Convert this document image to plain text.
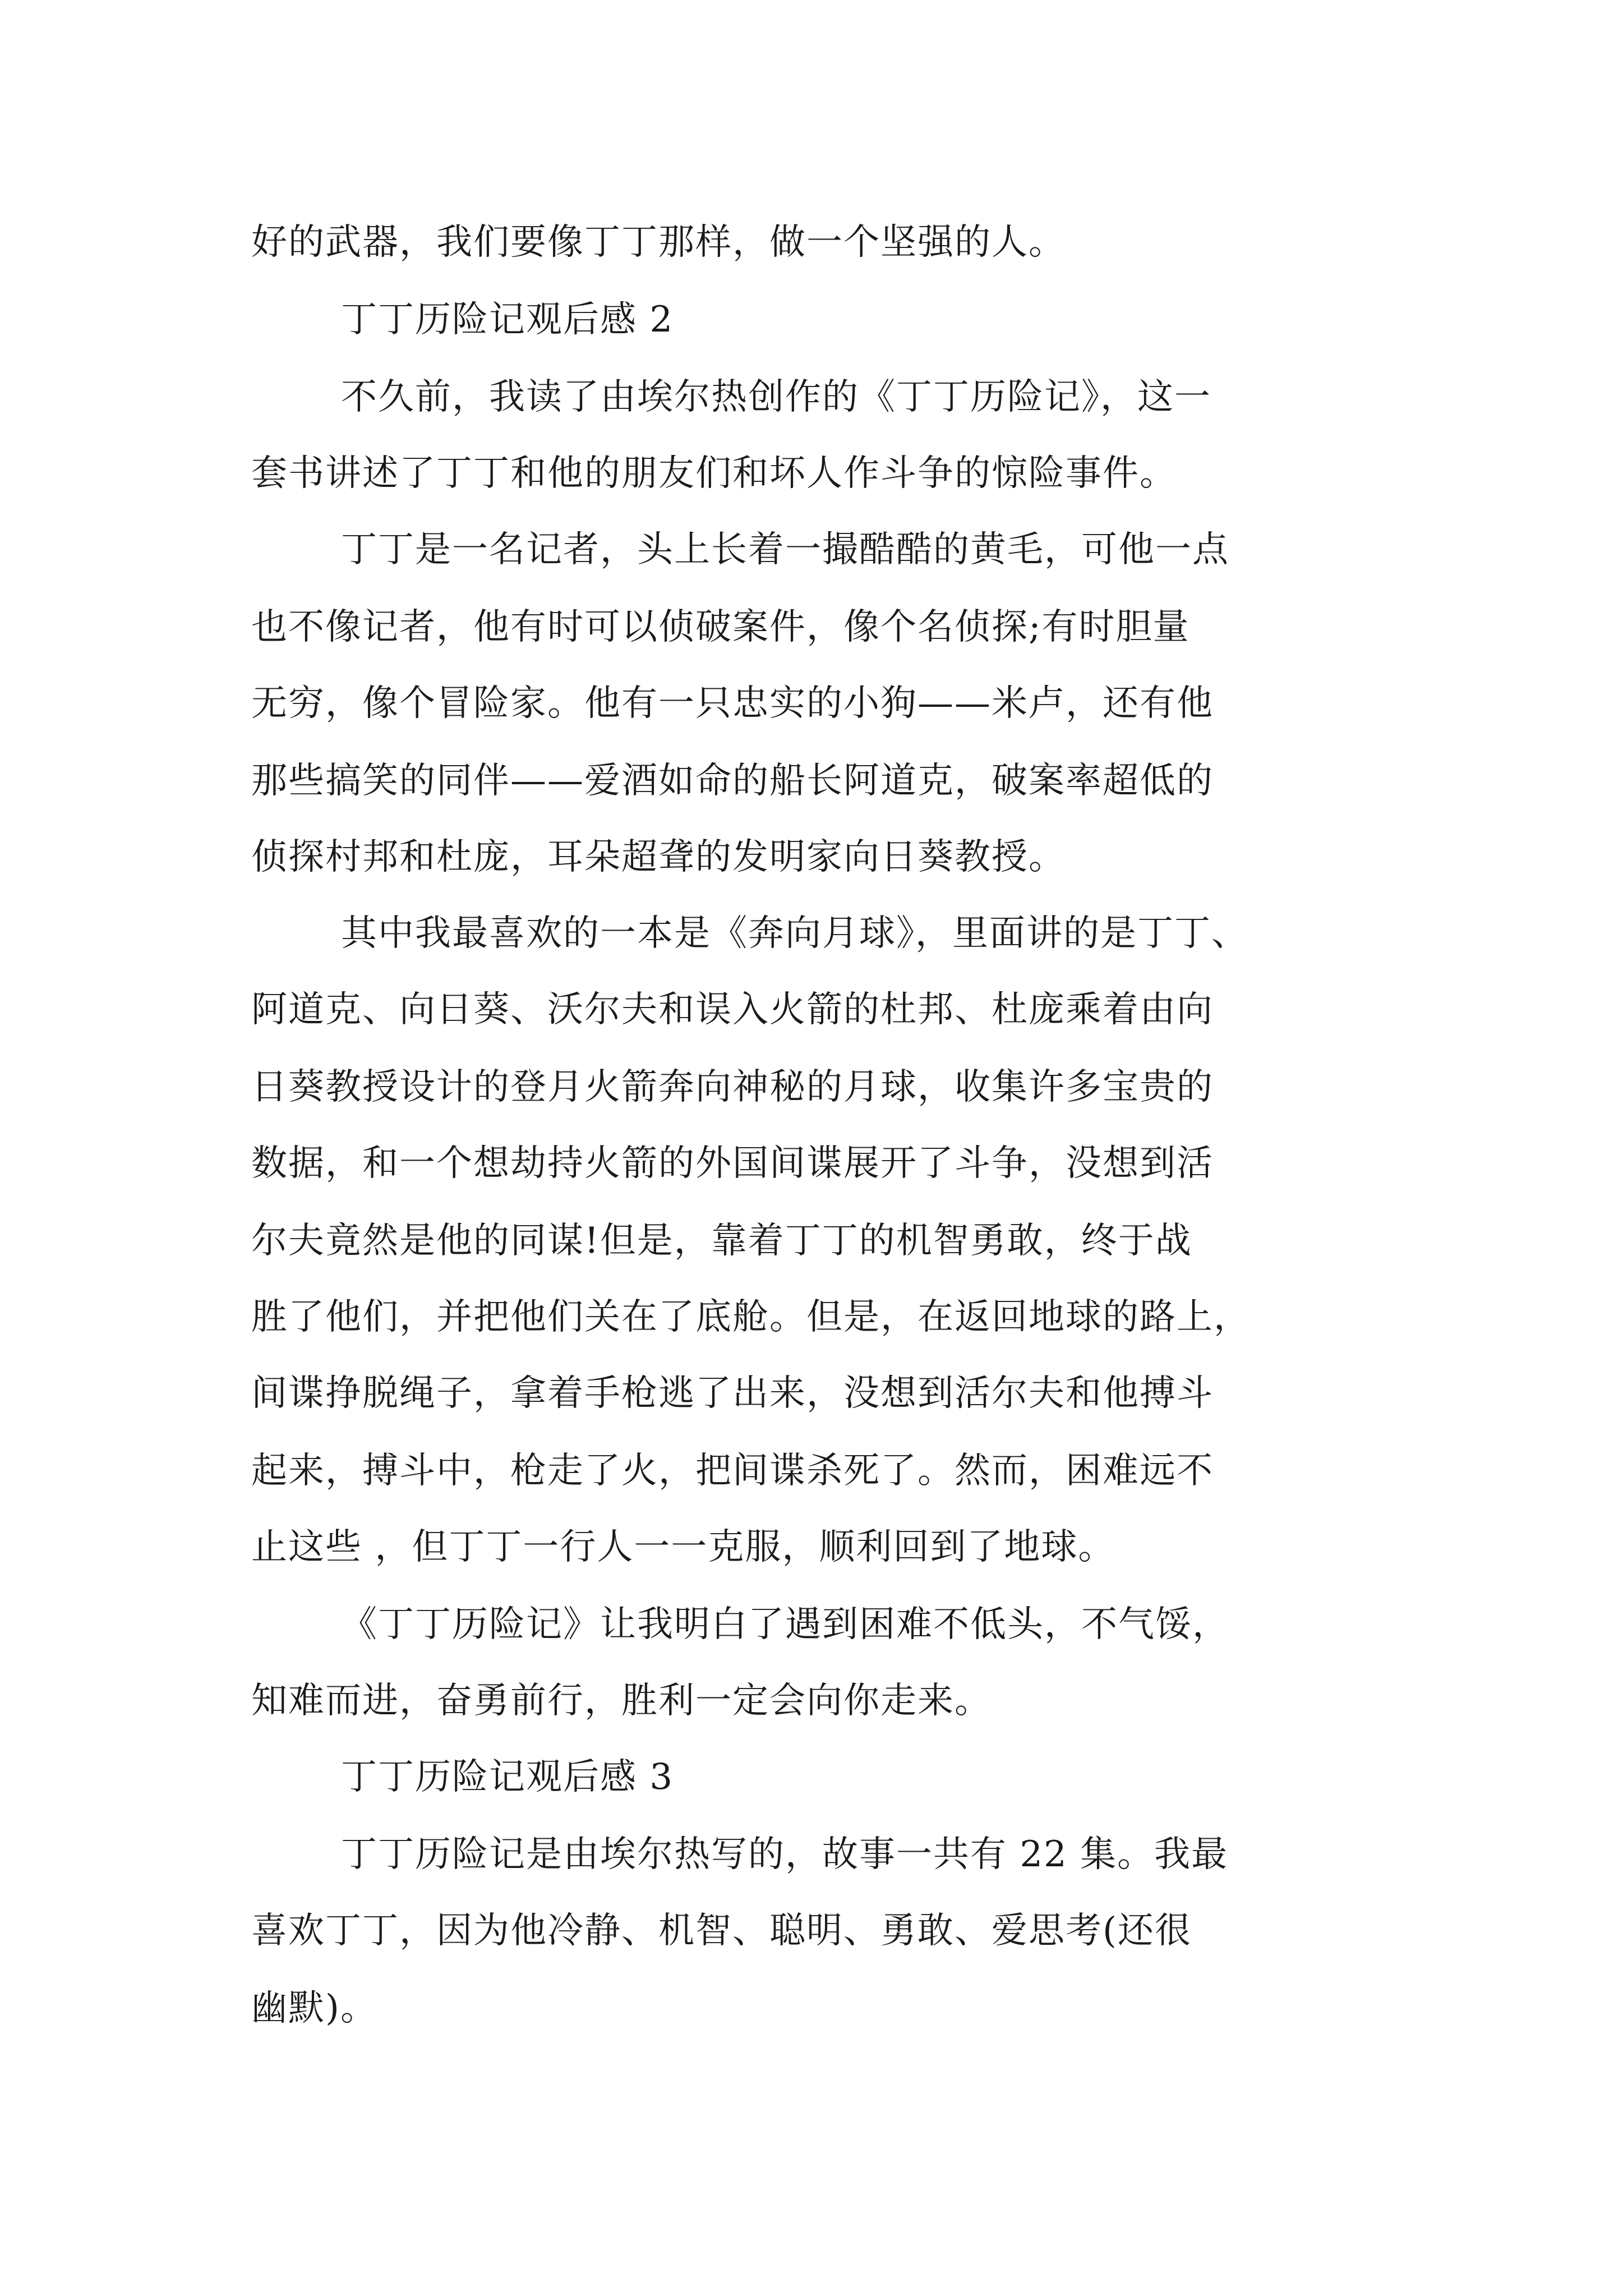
好的武器，我们要像丁丁那样，做一个坚强的人。
丁丁历险记观后感 2
不久前，我读了由埃尔热创作的《丁丁历险记》，这一
套书讲述了丁丁和他的朋友们和坏人作斗争的惊险事件。
丁丁是一名记者，头上长着一撮酷酷的黄毛，可他一点
也不像记者，他有时可以侦破案件，像个名侦探;有时胆量
无穷，像个冒险家。他有一只忠实的小狗——米卢，还有他
那些搞笑的同伴——爱酒如命的船长阿道克，破案率超低的
侦探村邦和杜庞，耳朵超聋的发明家向日葵教授。
其中我最喜欢的一本是《奔向月球》，里面讲的是丁丁、
阿道克、向日葵、沃尔夫和误入火箭的杜邦、杜庞乘着由向
日葵教授设计的登月火箭奔向神秘的月球，收集许多宝贵的
数据，和一个想劫持火箭的外国间谍展开了斗争，没想到活
尔夫竟然是他的同谋!但是，靠着丁丁的机智勇敢，终于战
胜了他们，并把他们关在了底舱。但是，在返回地球的路上，
间谍挣脱绳子，拿着手枪逃了出来，没想到活尔夫和他搏斗
起来，搏斗中，枪走了火，把间谍杀死了。然而，困难远不
止这些 ，但丁丁一行人一一克服，顺利回到了地球。
《丁丁历险记》让我明白了遇到困难不低头，不气馁，
知难而进，奋勇前行，胜利一定会向你走来。
丁丁历险记观后感 3
丁丁历险记是由埃尔热写的，故事一共有 22 集。我最
喜欢丁丁，因为他冷静、机智、聪明、勇敢、爱思考(还很
幽默)。
